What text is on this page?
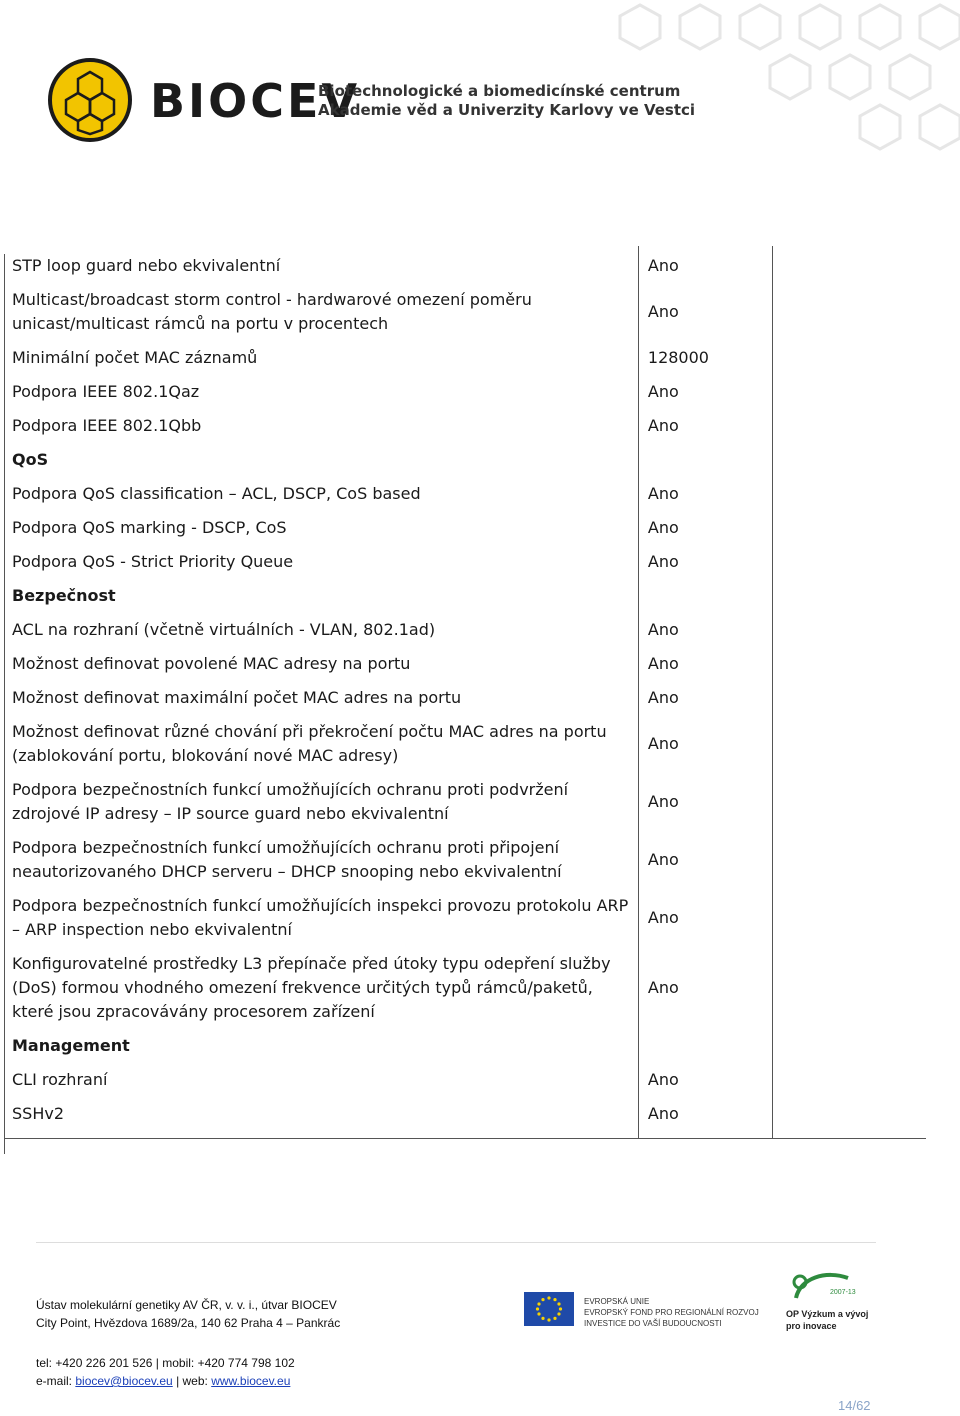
BIOCEV
Biotechnologické a biomedicínské centrum
Akademie věd a Univerzity Karlovy ve Vestci
STP loop guard nebo ekvivalentní	Ano	
Multicast/broadcast storm control - hardwarové omezení poměru unicast/multicast rámců na portu v procentech	Ano	
Minimální počet MAC záznamů	128000	
Podpora IEEE 802.1Qaz	Ano	
Podpora IEEE 802.1Qbb	Ano	
QoS		
Podpora QoS classification – ACL, DSCP, CoS based	Ano	
Podpora QoS marking - DSCP, CoS	Ano	
Podpora QoS - Strict Priority Queue	Ano	
Bezpečnost		
ACL na rozhraní (včetně virtuálních - VLAN, 802.1ad)	Ano	
Možnost definovat povolené MAC adresy na portu	Ano	
Možnost definovat maximální počet MAC adres na portu	Ano	
Možnost definovat různé chování při překročení počtu MAC adres na portu (zablokování portu, blokování nové MAC adresy)	Ano	
Podpora bezpečnostních funkcí umožňujících ochranu proti podvržení zdrojové IP adresy – IP source guard nebo ekvivalentní	Ano	
Podpora bezpečnostních funkcí umožňujících ochranu proti připojení neautorizovaného DHCP serveru – DHCP snooping nebo ekvivalentní	Ano	
Podpora bezpečnostních funkcí umožňujících inspekci provozu protokolu ARP – ARP inspection nebo ekvivalentní	Ano	
Konfigurovatelné prostředky L3 přepínače před útoky typu odepření služby (DoS) formou vhodného omezení frekvence určitých typů rámců/paketů, které jsou zpracovávány procesorem zařízení	Ano	
Management		
CLI rozhraní	Ano	
SSHv2	Ano	
Ústav molekulární genetiky AV ČR, v. v. i., útvar BIOCEV
City Point, Hvězdova 1689/2a, 140 62 Praha 4 – Pankrác
tel: +420 226 201 526 | mobil: +420 774 798 102
e-mail: biocev@biocev.eu | web: www.biocev.eu
EVROPSKÁ UNIE
EVROPSKÝ FOND PRO REGIONÁLNÍ ROZVOJ
INVESTICE DO VAŠÍ BUDOUCNOSTI
2007-13
OP Výzkum a vývoj
pro inovace
14/62
